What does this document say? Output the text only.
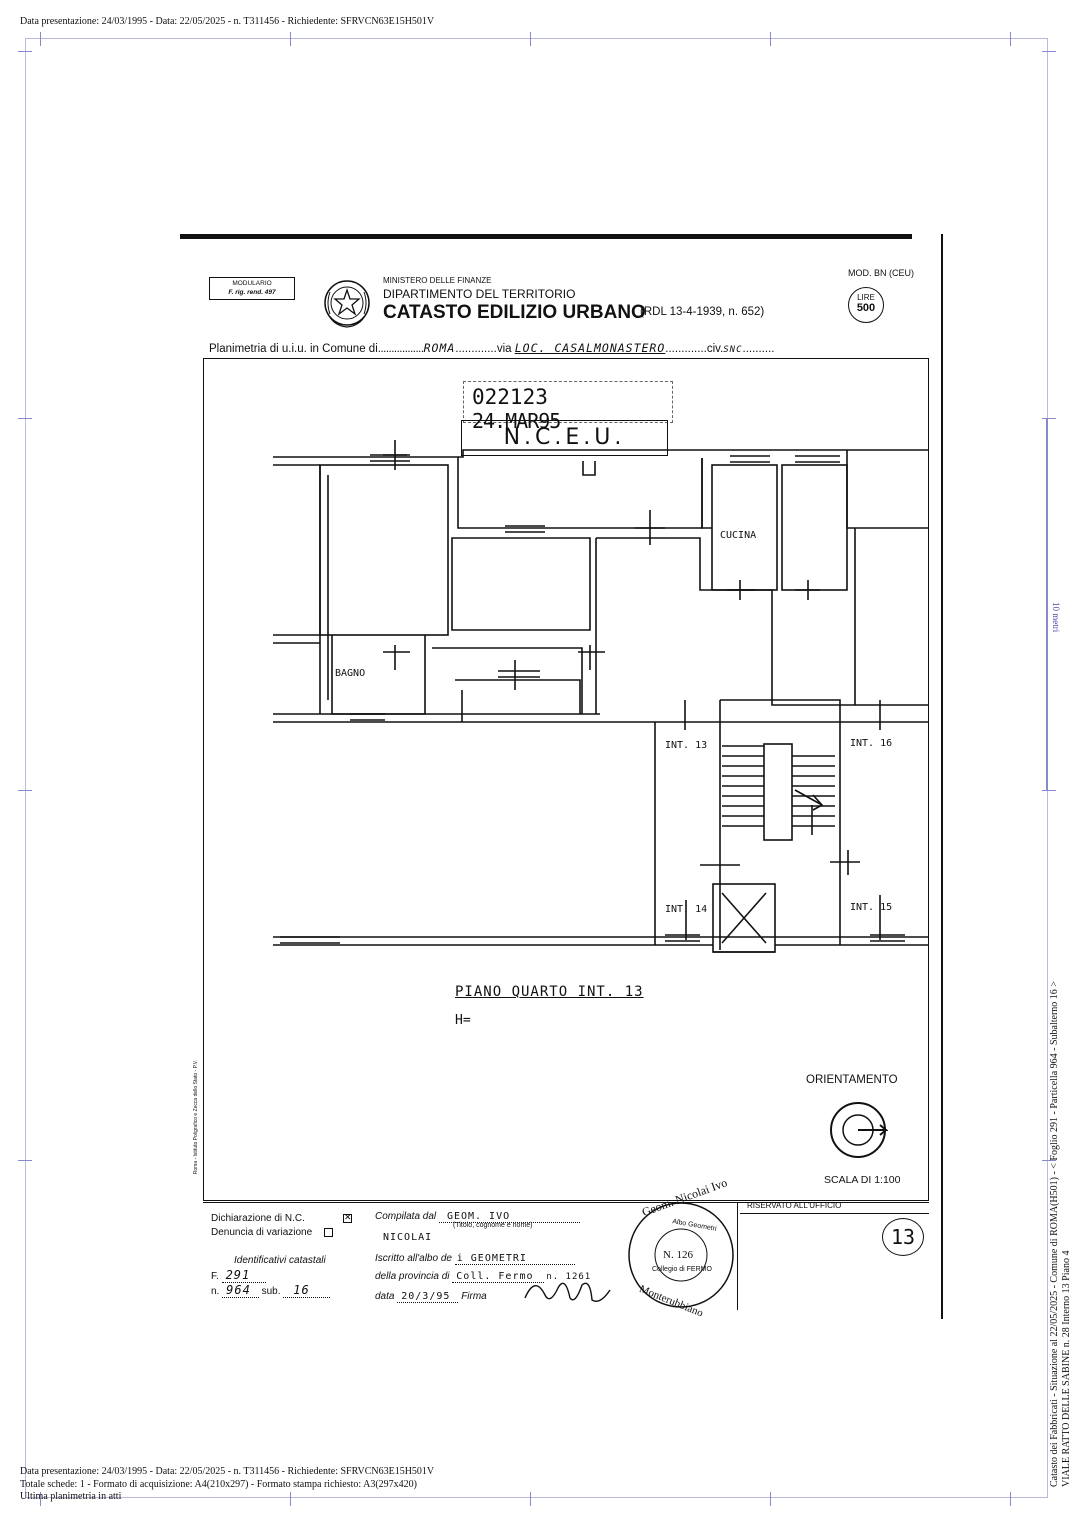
Data presentazione: 24/03/1995 - Data: 22/05/2025 - n. T311456 - Richiedente: SFRVCN63E15H501V
MODULARIO
F. rig. rend. 497
MINISTERO DELLE FINANZE
DIPARTIMENTO DEL TERRITORIO
CATASTO EDILIZIO URBANO
(RDL 13-4-1939, n. 652)
MOD. BN (CEU)
LIRE
500
Planimetria di u.i.u. in Comune di.................ROMA.............via LOC. CASALMONASTERO.............civ.SNC..........
022123 24.MAR95
N.C.E.U.
CUCINA
BAGNO
INT. 13	INT. 16
INT. 14	INT. 15
PIANO QUARTO INT. 13
H=
ORIENTAMENTO
SCALA DI 1:100
Roma - Istituto Poligrafico e Zecca dello Stato - P.V.
Dichiarazione di N.C.✕
Denuncia di variazione
Identificativi catastali
F. 291
n. 964 sub. 16
Compilata dal GEOM. IVO
(Titolo, cognome e nome)
NICOLAI
Iscritto all'albo de i GEOMETRI
della provincia di Coll. Fermo n. 1261
data 20/3/95 Firma
Geom. Nicolai Ivo
Albo Geometri
N. 126
Collegio di FERMO
Monterubbiano
RISERVATO ALL'UFFICIO
13
10 metri
Catasto dei Fabbricati - Situazione al 22/05/2025 - Comune di ROMA(H501) - < Foglio 291 - Particella 964 - Subalterno 16 > VIALE RATTO DELLE SABINE n. 28 Interno 13 Piano 4
Data presentazione: 24/03/1995 - Data: 22/05/2025 - n. T311456 - Richiedente: SFRVCN63E15H501V
Totale schede: 1 - Formato di acquisizione: A4(210x297) - Formato stampa richiesto: A3(297x420)
Ultima planimetria in atti
